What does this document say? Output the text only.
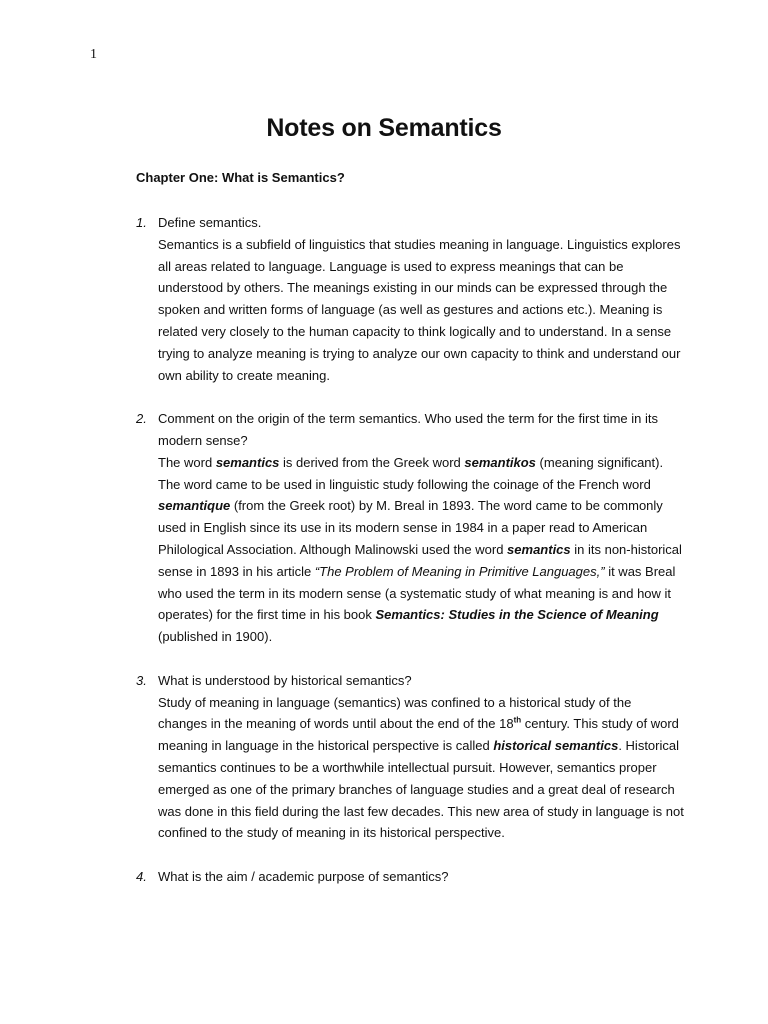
1
Notes on Semantics
Chapter One: What is Semantics?
1. Define semantics.
Semantics is a subfield of linguistics that studies meaning in language. Linguistics explores all areas related to language. Language is used to express meanings that can be understood by others. The meanings existing in our minds can be expressed through the spoken and written forms of language (as well as gestures and actions etc.). Meaning is related very closely to the human capacity to think logically and to understand. In a sense trying to analyze meaning is trying to analyze our own capacity to think and understand our own ability to create meaning.
2. Comment on the origin of the term semantics. Who used the term for the first time in its modern sense?
The word semantics is derived from the Greek word semantikos (meaning significant). The word came to be used in linguistic study following the coinage of the French word semantique (from the Greek root) by M. Breal in 1893. The word came to be commonly used in English since its use in its modern sense in 1984 in a paper read to American Philological Association. Although Malinowski used the word semantics in its non-historical sense in 1893 in his article “The Problem of Meaning in Primitive Languages,” it was Breal who used the term in its modern sense (a systematic study of what meaning is and how it operates) for the first time in his book Semantics: Studies in the Science of Meaning (published in 1900).
3. What is understood by historical semantics?
Study of meaning in language (semantics) was confined to a historical study of the changes in the meaning of words until about the end of the 18th century. This study of word meaning in language in the historical perspective is called historical semantics. Historical semantics continues to be a worthwhile intellectual pursuit. However, semantics proper emerged as one of the primary branches of language studies and a great deal of research was done in this field during the last few decades. This new area of study in language is not confined to the study of meaning in its historical perspective.
4. What is the aim / academic purpose of semantics?
